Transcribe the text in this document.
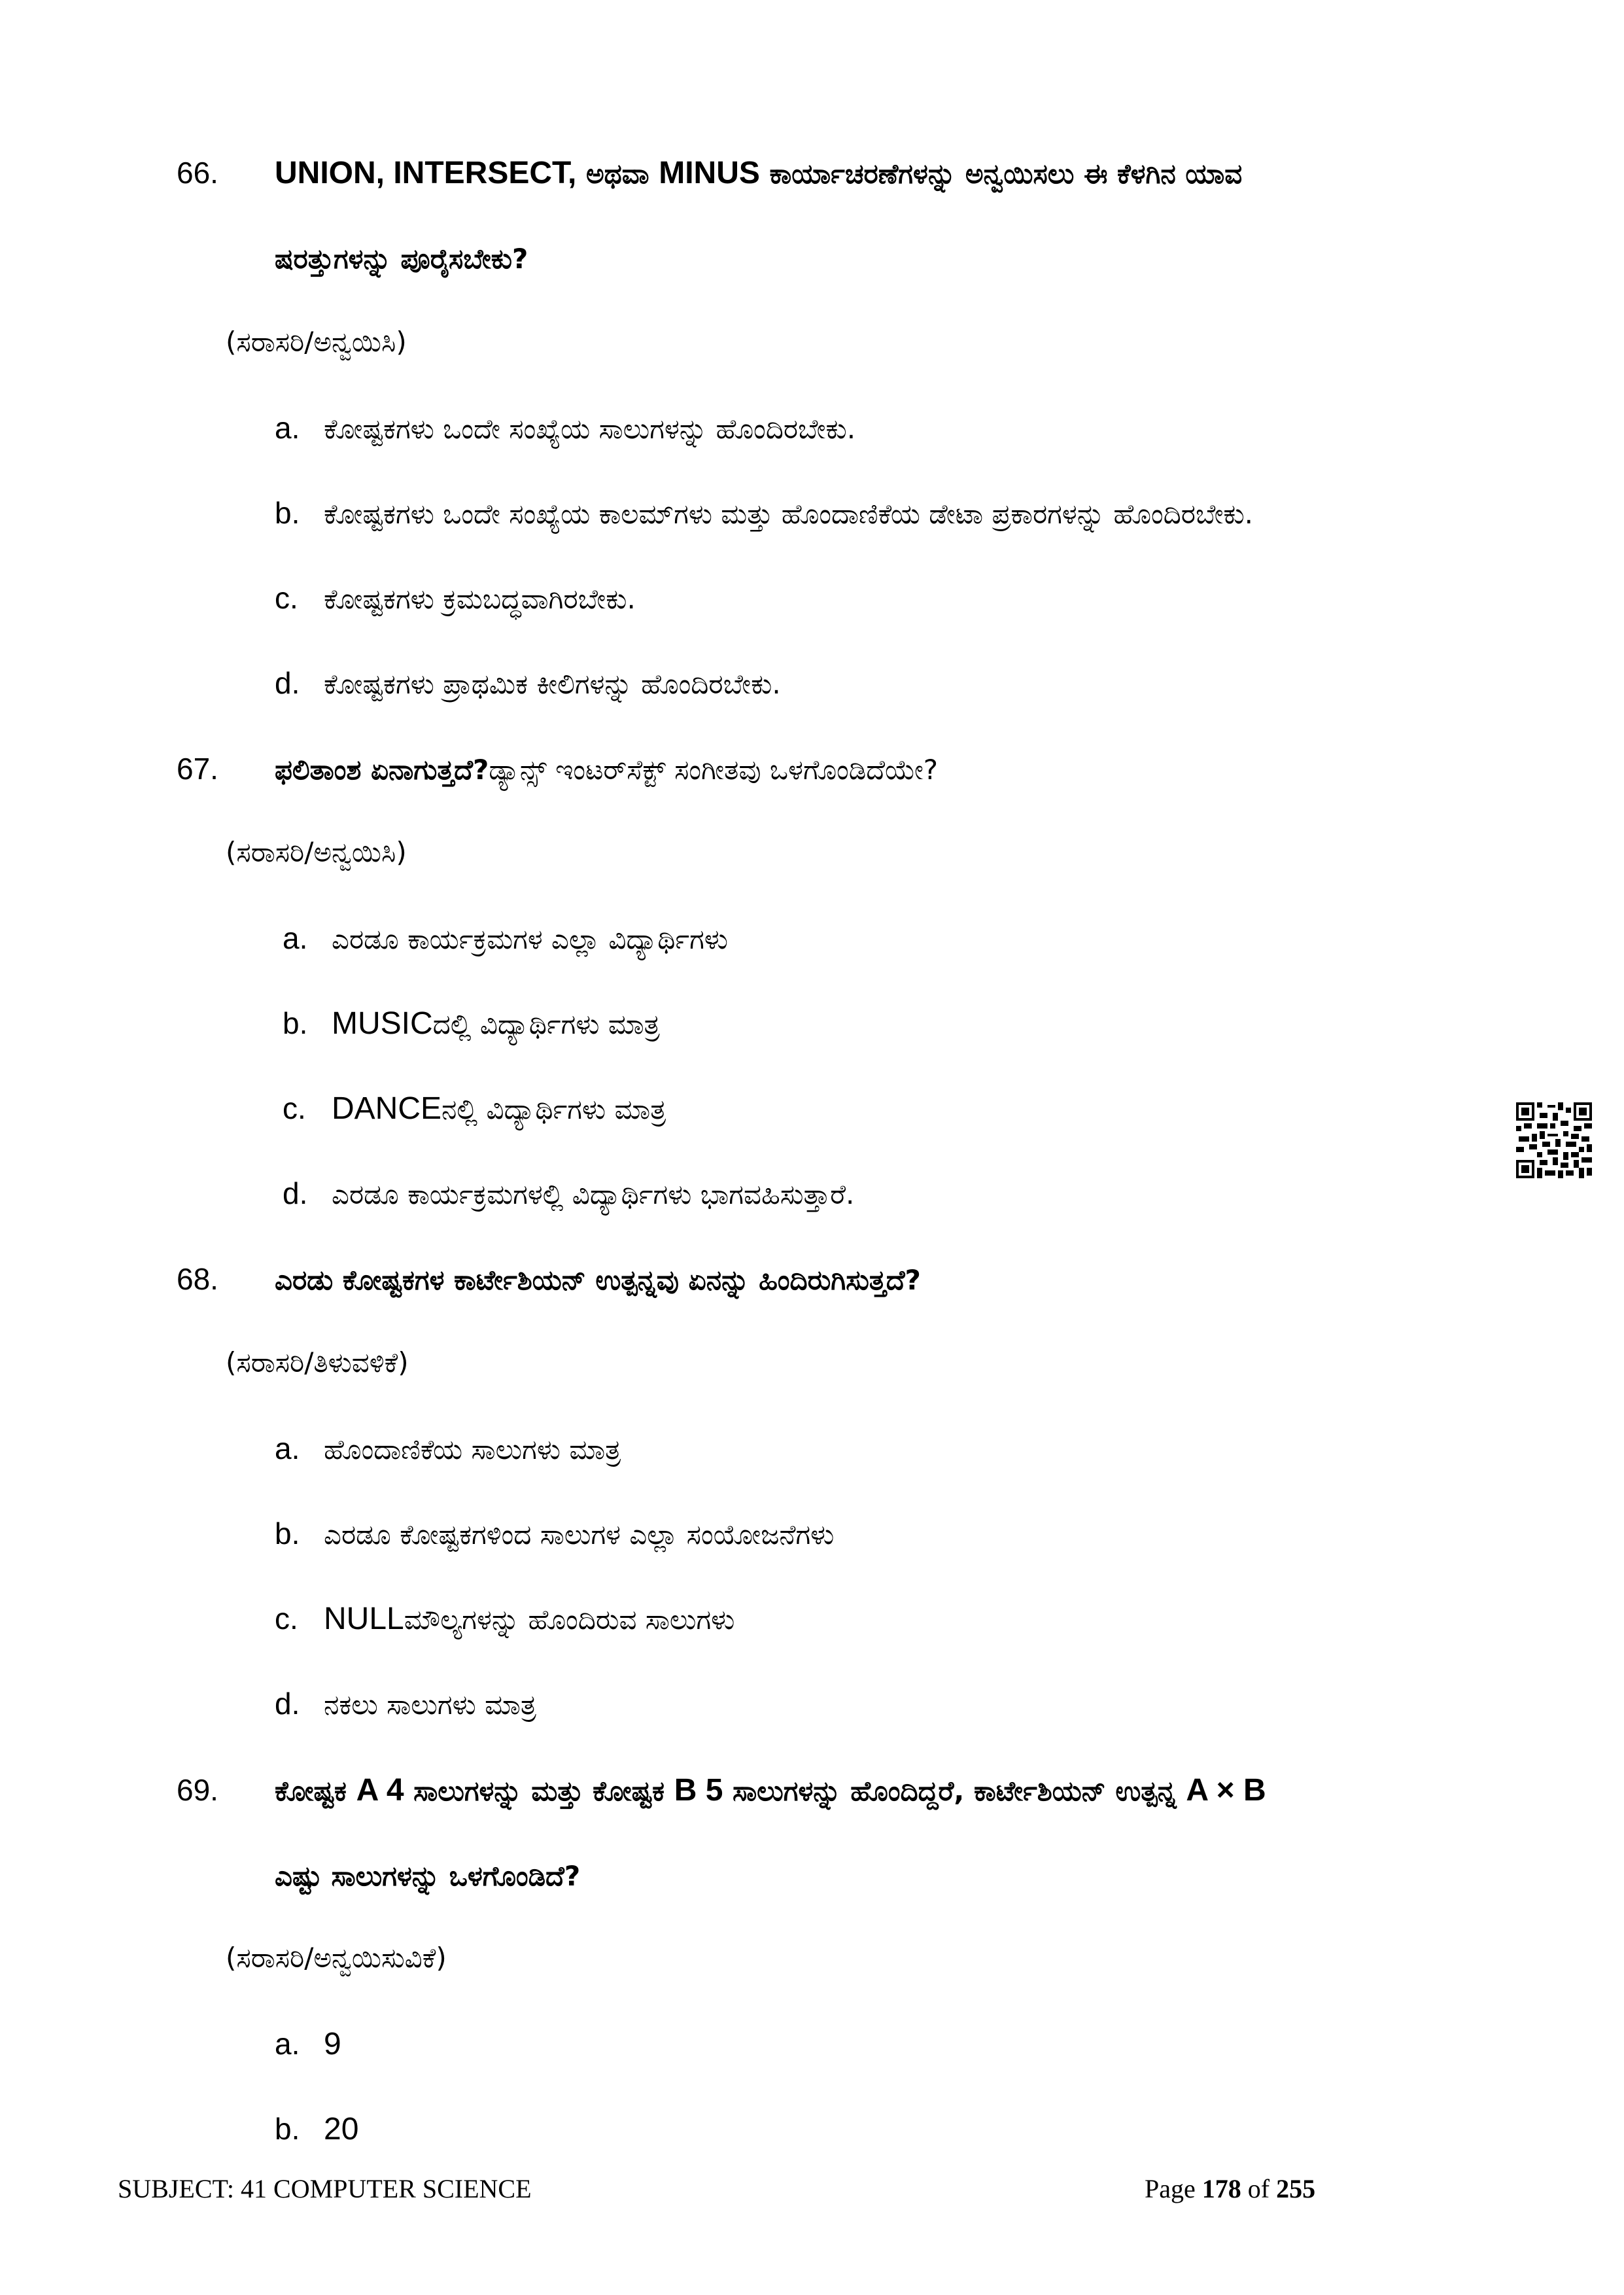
66.	UNION, INTERSECT, ಅಥವಾ MINUS ಕಾರ್ಯಾಚರಣೆಗಳನ್ನು ಅನ್ವಯಿಸಲು ಈ ಕೆಳಗಿನ ಯಾವ
ಷರತ್ತುಗಳನ್ನು ಪೂರೈಸಬೇಕು?
(ಸರಾಸರಿ/ಅನ್ವಯಿಸಿ)
a. ಕೋಷ್ಟಕಗಳು ಒಂದೇ ಸಂಖ್ಯೆಯ ಸಾಲುಗಳನ್ನು ಹೊಂದಿರಬೇಕು.
b. ಕೋಷ್ಟಕಗಳು ಒಂದೇ ಸಂಖ್ಯೆಯ ಕಾಲಮ್‌ಗಳು ಮತ್ತು ಹೊಂದಾಣಿಕೆಯ ಡೇಟಾ ಪ್ರಕಾರಗಳನ್ನು ಹೊಂದಿರಬೇಕು.
c. ಕೋಷ್ಟಕಗಳು ಕ್ರಮಬದ್ಧವಾಗಿರಬೇಕು.
d. ಕೋಷ್ಟಕಗಳು ಪ್ರಾಥಮಿಕ ಕೀಲಿಗಳನ್ನು ಹೊಂದಿರಬೇಕು.
67.	ಫಲಿತಾಂಶ ಏನಾಗುತ್ತದೆ?ಡ್ಯಾನ್ಸ್ ಇಂಟರ್‌ಸೆಕ್ಟ್ ಸಂಗೀತವು ಒಳಗೊಂಡಿದೆಯೇ?
(ಸರಾಸರಿ/ಅನ್ವಯಿಸಿ)
a. ಎರಡೂ ಕಾರ್ಯಕ್ರಮಗಳ ಎಲ್ಲಾ ವಿದ್ಯಾರ್ಥಿಗಳು
b. MUSIC ದಲ್ಲಿ ವಿದ್ಯಾರ್ಥಿಗಳು ಮಾತ್ರ
c. DANCE ನಲ್ಲಿ ವಿದ್ಯಾರ್ಥಿಗಳು ಮಾತ್ರ
d. ಎರಡೂ ಕಾರ್ಯಕ್ರಮಗಳಲ್ಲಿ ವಿದ್ಯಾರ್ಥಿಗಳು ಭಾಗವಹಿಸುತ್ತಾರೆ.
68.	ಎರಡು ಕೋಷ್ಟಕಗಳ ಕಾರ್ಟೇಶಿಯನ್ ಉತ್ಪನ್ನವು ಏನನ್ನು ಹಿಂದಿರುಗಿಸುತ್ತದೆ?
(ಸರಾಸರಿ/ತಿಳುವಳಿಕೆ)
a. ಹೊಂದಾಣಿಕೆಯ ಸಾಲುಗಳು ಮಾತ್ರ
b. ಎರಡೂ ಕೋಷ್ಟಕಗಳಿಂದ ಸಾಲುಗಳ ಎಲ್ಲಾ ಸಂಯೋಜನೆಗಳು
c. NULL ಮೌಲ್ಯಗಳನ್ನು ಹೊಂದಿರುವ ಸಾಲುಗಳು
d. ನಕಲು ಸಾಲುಗಳು ಮಾತ್ರ
69.	ಕೋಷ್ಟಕ A 4 ಸಾಲುಗಳನ್ನು ಮತ್ತು ಕೋಷ್ಟಕ B 5 ಸಾಲುಗಳನ್ನು ಹೊಂದಿದ್ದರೆ, ಕಾರ್ಟೇಶಿಯನ್ ಉತ್ಪನ್ನ A × B
ಎಷ್ಟು ಸಾಲುಗಳನ್ನು ಒಳಗೊಂಡಿದೆ?
(ಸರಾಸರಿ/ಅನ್ವಯಿಸುವಿಕೆ)
a. 9
b. 20
SUBJECT: 41 COMPUTER SCIENCE	Page 178 of 255
